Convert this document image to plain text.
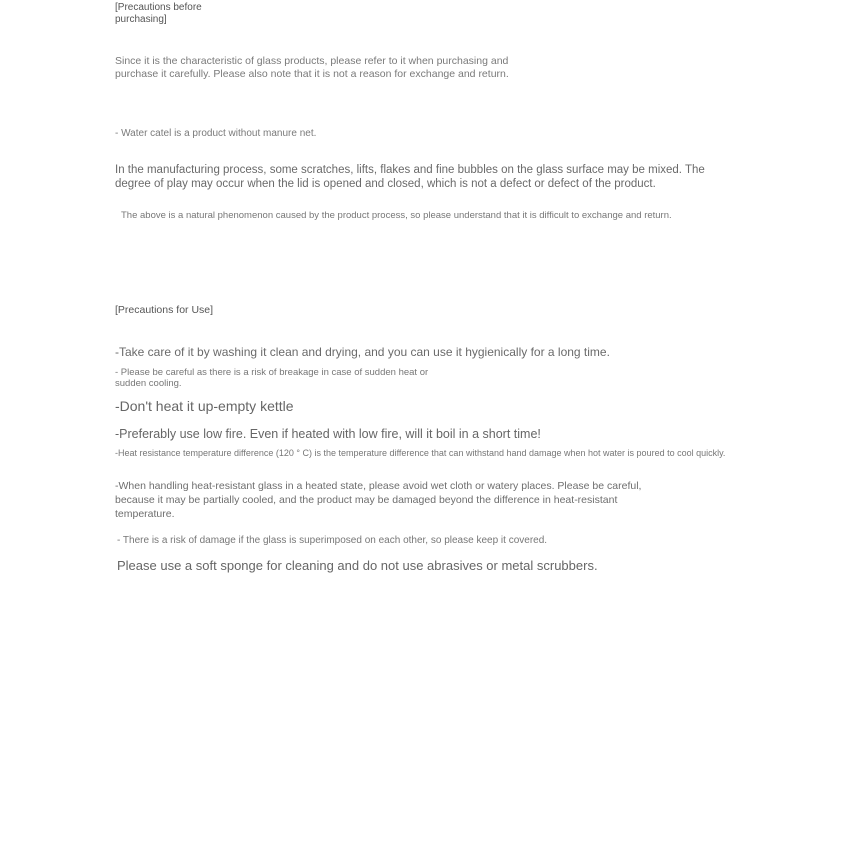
[Precautions before purchasing]

Since it is the characteristic of glass products, please refer to it when purchasing and purchase it carefully. Please also note that it is not a reason for exchange and return.

- Water catel is a product without manure net.

In the manufacturing process, some scratches, lifts, flakes and fine bubbles on the glass surface may be mixed. The degree of play may occur when the lid is opened and closed, which is not a defect or defect of the product.

The above is a natural phenomenon caused by the product process, so please understand that it is difficult to exchange and return.

[Precautions for Use]

-Take care of it by washing it clean and drying, and you can use it hygienically for a long time.

- Please be careful as there is a risk of breakage in case of sudden heat or sudden cooling.

-Don't heat it up-empty kettle

-Preferably use low fire. Even if heated with low fire, will it boil in a short time!

-Heat resistance temperature difference (120 ° C) is the temperature difference that can withstand hand damage when hot water is poured to cool quickly.

-When handling heat-resistant glass in a heated state, please avoid wet cloth or watery places. Please be careful, because it may be partially cooled, and the product may be damaged beyond the difference in heat-resistant temperature.

- There is a risk of damage if the glass is superimposed on each other, so please keep it covered.

Please use a soft sponge for cleaning and do not use abrasives or metal scrubbers.
